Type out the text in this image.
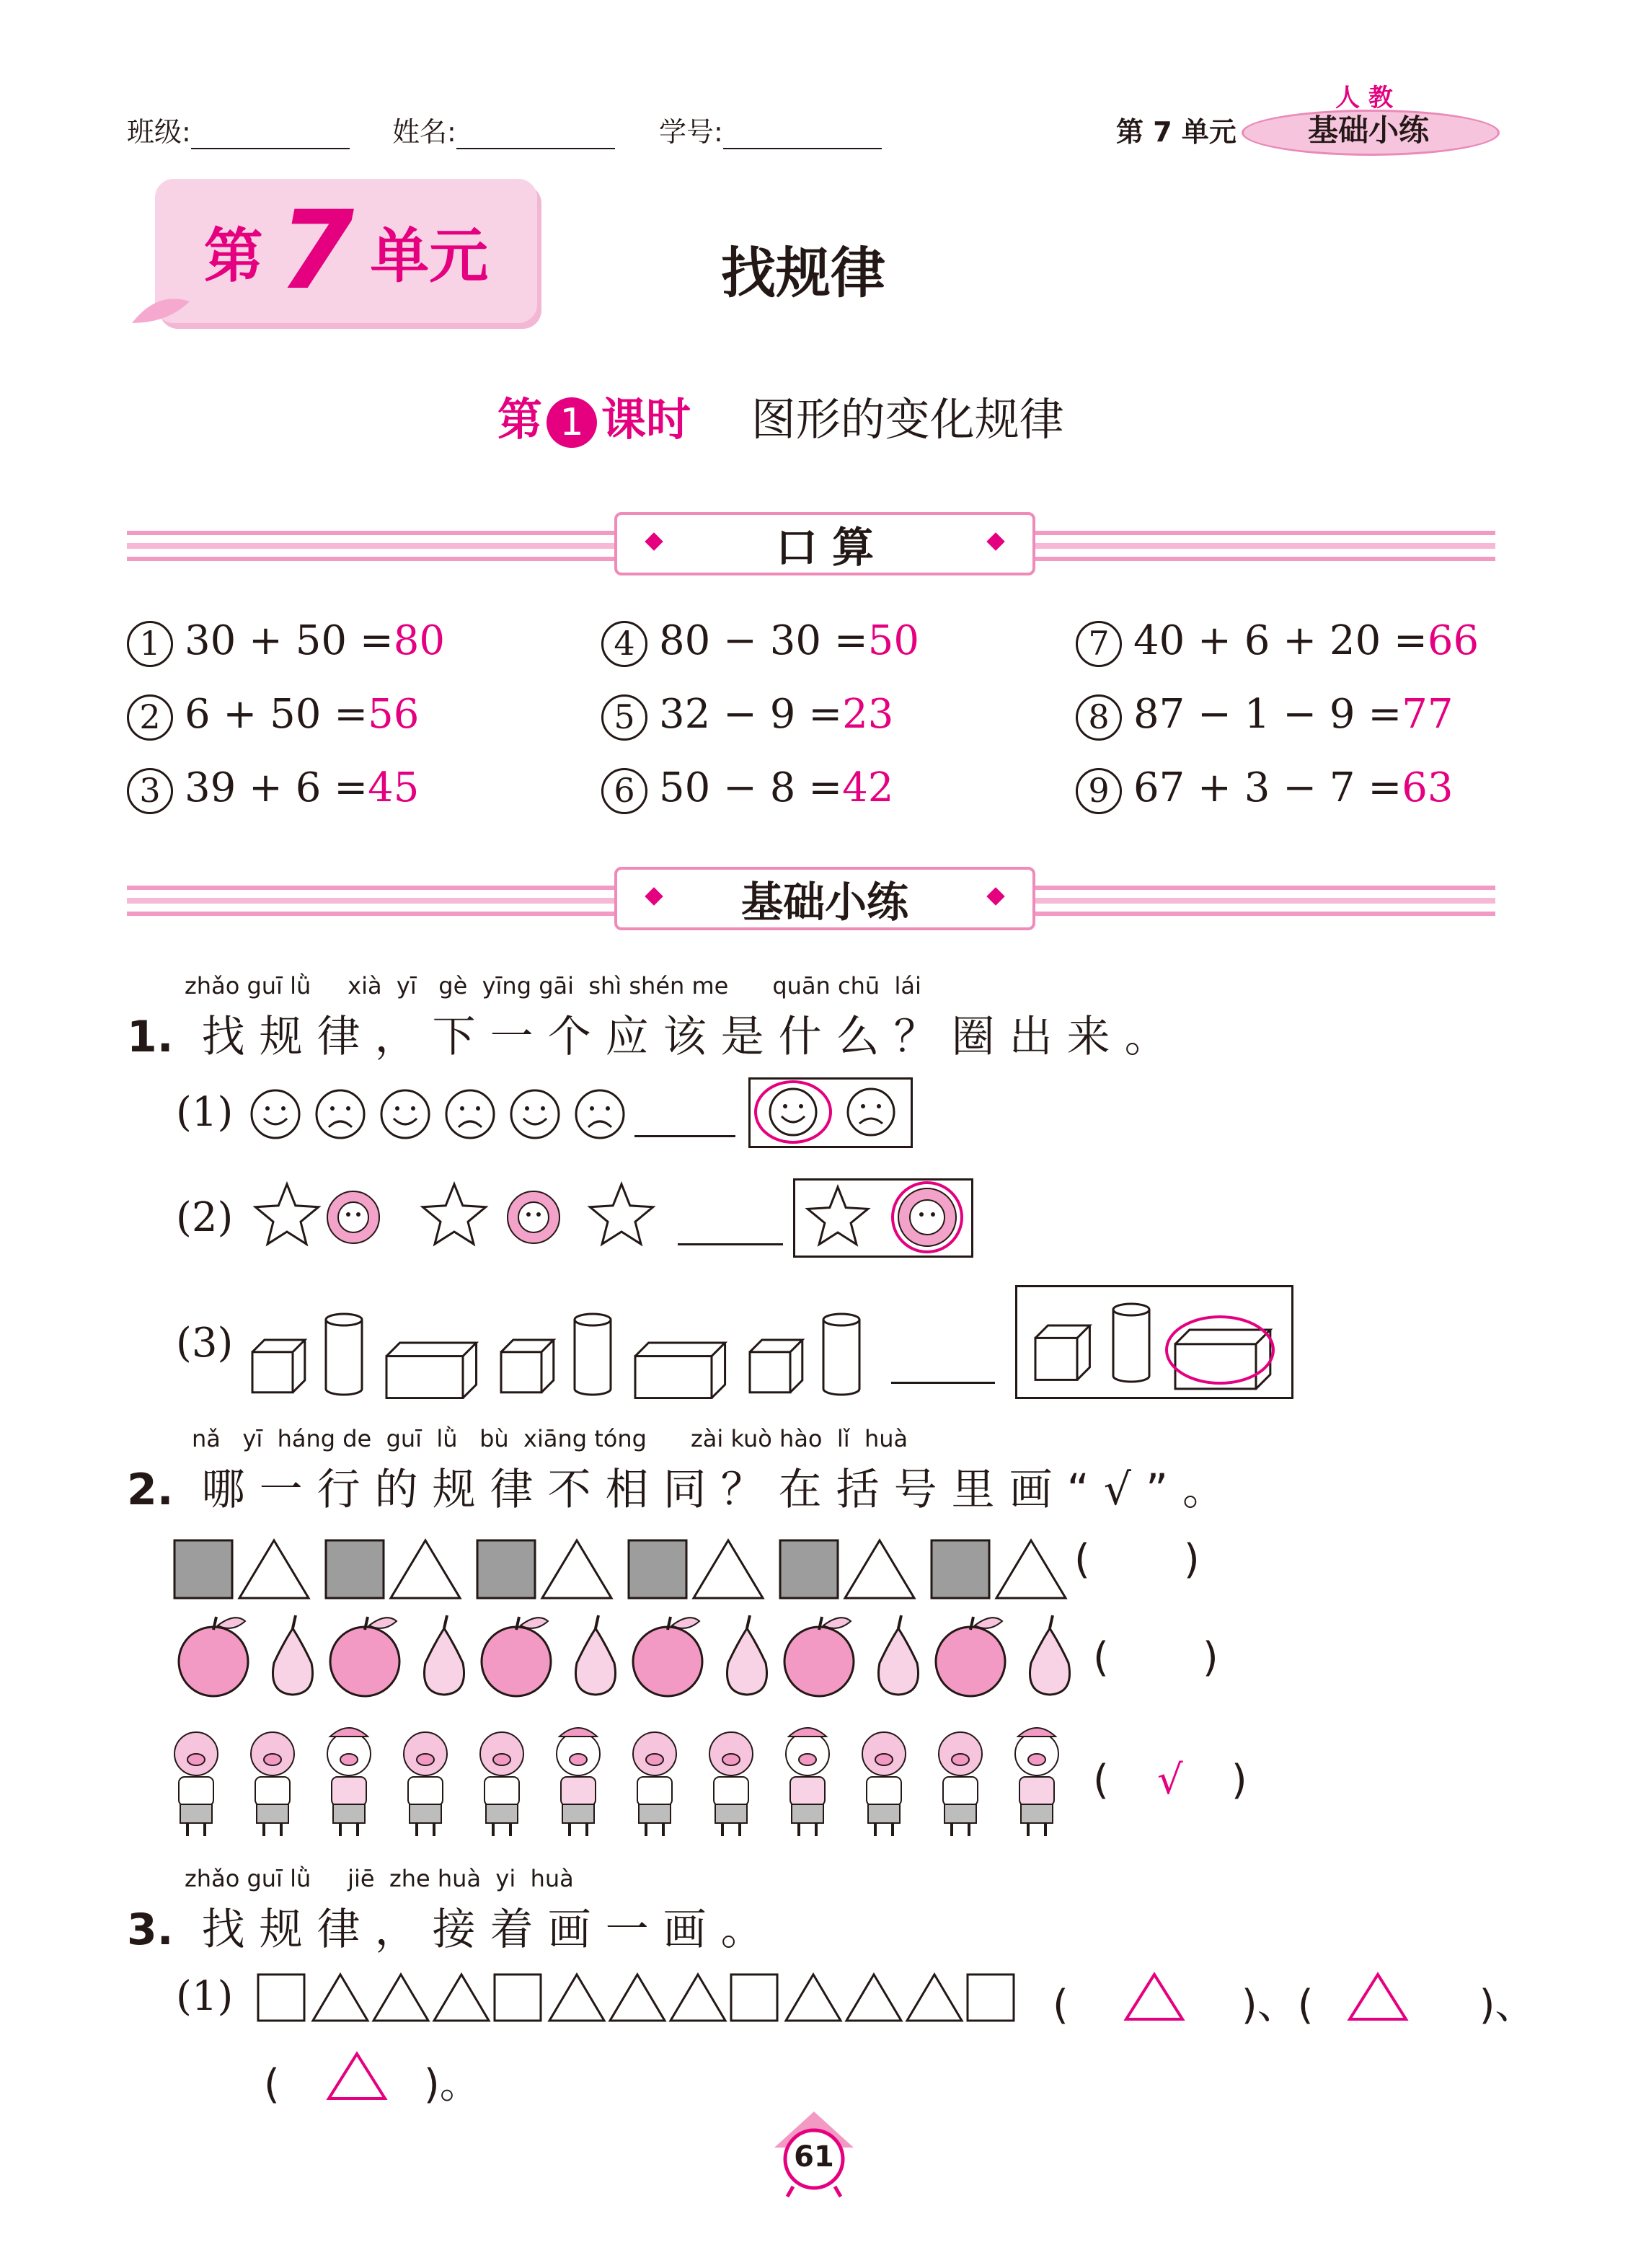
班级:	姓名:	学号:	第 7 单元	基础小练
人 教
第 7 单元	找规律
第 1 课时 图形的变化规律
口 算
1 30 + 50 =80
2 6 + 50 =56
3 39 + 6 =45
4 80 − 30 =50
5 32 − 9 =23
6 50 − 8 =42
7 40 + 6 + 20 =66
8 87 − 1 − 9 =77
9 67 + 3 − 7 =63
基础小练
zhǎo guī lǜ     xià  yī   gè  yīng gāi  shì shén me      quān chū  lái
1. 找规律，下一个应该是什么？圈出来。
(1)
(2)
(3)
nǎ   yī  háng de  guī  lǜ   bù  xiāng tóng      zài kuò hào  lǐ  huà
2. 哪一行的规律不相同？在括号里画“√”。
( )
( )
( √ )
zhǎo guī lǜ     jiē  zhe huà  yi  huà
3. 找规律，接着画一画。
(1)	(	)、(	)、
(	)。
61
